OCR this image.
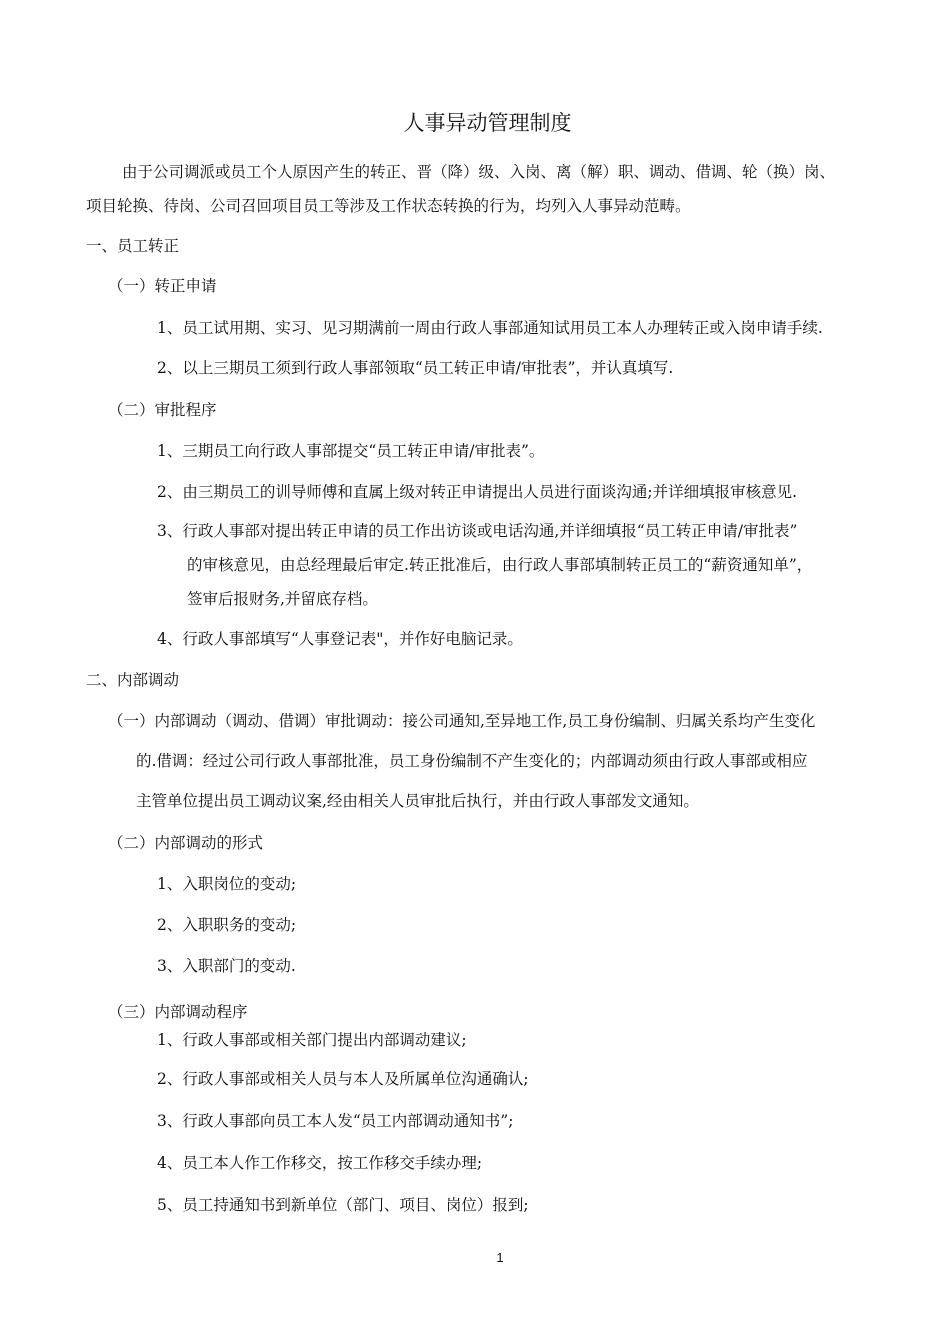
人事异动管理制度
由于公司调派或员工个人原因产生的转正、晋（降）级、入岗、离（解）职、调动、借调、轮（换）岗、
项目轮换、待岗、公司召回项目员工等涉及工作状态转换的行为，均列入人事异动范畴。
一、员工转正
（一）转正申请
1、员工试用期、实习、见习期满前一周由行政人事部通知试用员工本人办理转正或入岗申请手续.
2、以上三期员工须到行政人事部领取“员工转正申请/审批表”，并认真填写.
（二）审批程序
1、三期员工向行政人事部提交“员工转正申请/审批表”。
2、由三期员工的训导师傅和直属上级对转正申请提出人员进行面谈沟通;并详细填报审核意见.
3、行政人事部对提出转正申请的员工作出访谈或电话沟通,并详细填报“员工转正申请/审批表”
的审核意见，由总经理最后审定.转正批准后，由行政人事部填制转正员工的“薪资通知单”，
签审后报财务,并留底存档。
4、行政人事部填写“人事登记表"，并作好电脑记录。
二、内部调动
（一）内部调动（调动、借调）审批调动：接公司通知,至异地工作,员工身份编制、归属关系均产生变化
的.借调：经过公司行政人事部批准，员工身份编制不产生变化的；内部调动须由行政人事部或相应
主管单位提出员工调动议案,经由相关人员审批后执行，并由行政人事部发文通知。
（二）内部调动的形式
1、入职岗位的变动;
2、入职职务的变动;
3、入职部门的变动.
（三）内部调动程序
1、行政人事部或相关部门提出内部调动建议;
2、行政人事部或相关人员与本人及所属单位沟通确认;
3、行政人事部向员工本人发“员工内部调动通知书”;
4、员工本人作工作移交，按工作移交手续办理;
5、员工持通知书到新单位（部门、项目、岗位）报到;
1
